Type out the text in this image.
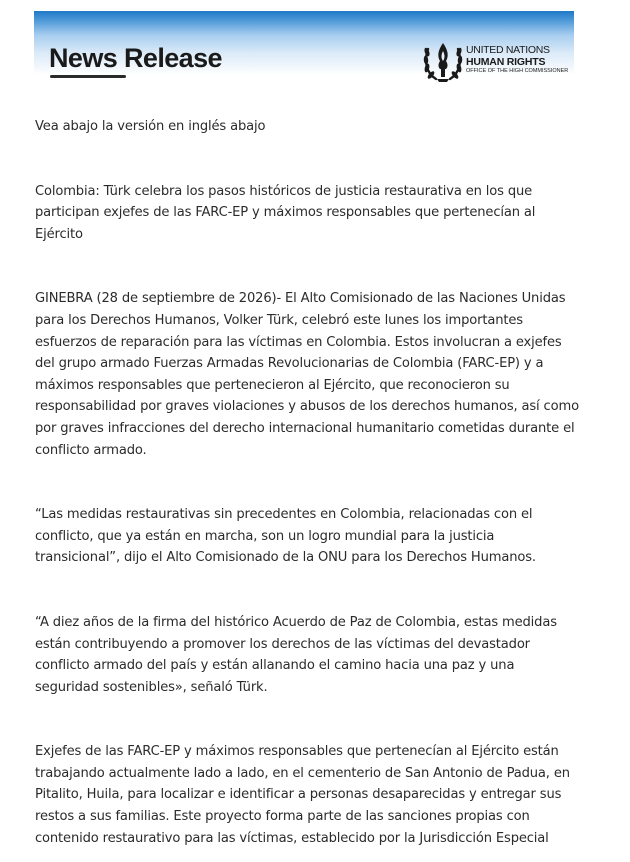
News Release	UNITED NATIONS
HUMAN RIGHTS
OFFICE OF THE HIGH COMMISSIONER

Vea abajo la versión en inglés abajo

Colombia: Türk celebra los pasos históricos de justicia restaurativa en los que participan exjefes de las FARC-EP y máximos responsables que pertenecían al Ejército

GINEBRA (28 de septiembre de 2026)- El Alto Comisionado de las Naciones Unidas para los Derechos Humanos, Volker Türk, celebró este lunes los importantes esfuerzos de reparación para las víctimas en Colombia. Estos involucran a exjefes del grupo armado Fuerzas Armadas Revolucionarias de Colombia (FARC-EP) y a máximos responsables que pertenecieron al Ejército, que reconocieron su responsabilidad por graves violaciones y abusos de los derechos humanos, así como por graves infracciones del derecho internacional humanitario cometidas durante el conflicto armado.

“Las medidas restaurativas sin precedentes en Colombia, relacionadas con el conflicto, que ya están en marcha, son un logro mundial para la justicia transicional”, dijo el Alto Comisionado de la ONU para los Derechos Humanos.

“A diez años de la firma del histórico Acuerdo de Paz de Colombia, estas medidas están contribuyendo a promover los derechos de las víctimas del devastador conflicto armado del país y están allanando el camino hacia una paz y una seguridad sostenibles», señaló Türk.

Exjefes de las FARC-EP y máximos responsables que pertenecían al Ejército están trabajando actualmente lado a lado, en el cementerio de San Antonio de Padua, en Pitalito, Huila, para localizar e identificar a personas desaparecidas y entregar sus restos a sus familias. Este proyecto forma parte de las sanciones propias con contenido restaurativo para las víctimas, establecido por la Jurisdicción Especial
